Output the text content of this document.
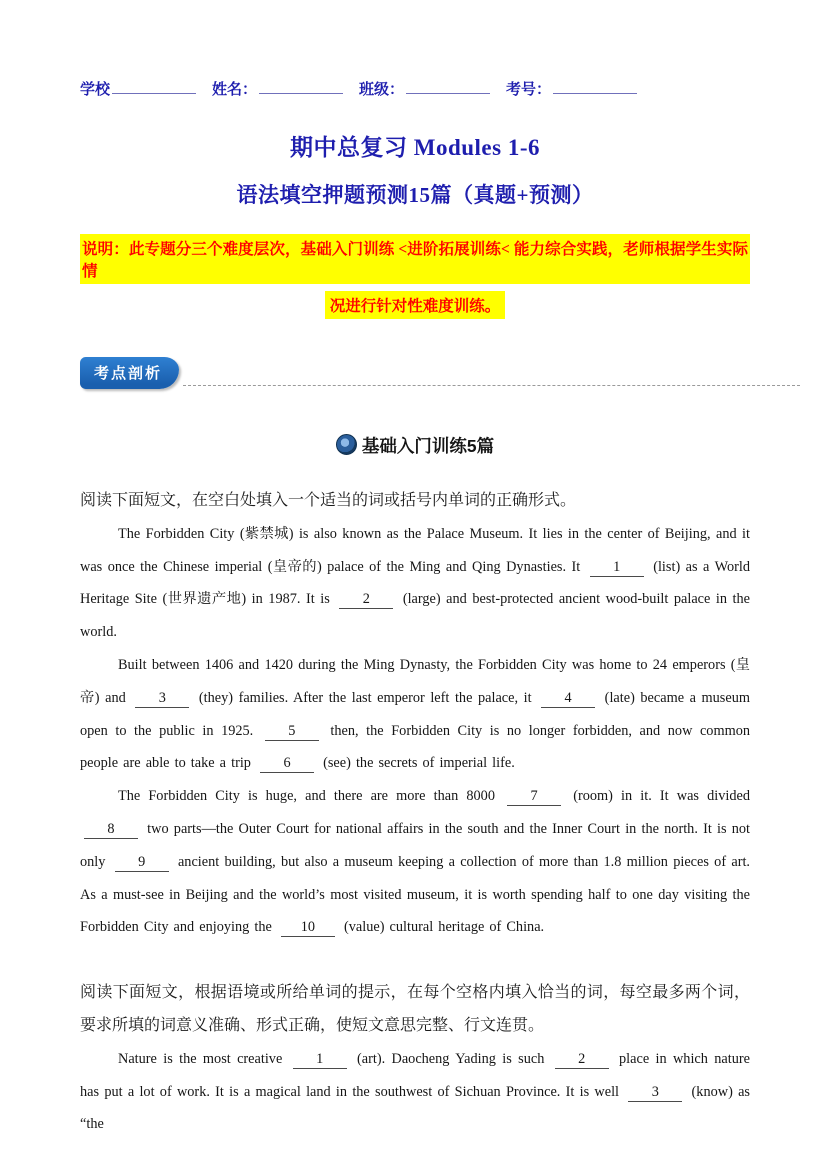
学校	姓名：	班级：	考号：
期中总复习 Modules 1-6
语法填空押题预测15篇（真题+预测）
说明：此专题分三个难度层次，基础入门训练 <进阶拓展训练< 能力综合实践，老师根据学生实际情
况进行针对性难度训练。
考点剖析
基础入门训练5篇

阅读下面短文，在空白处填入一个适当的词或括号内单词的正确形式。

The Forbidden City (紫禁城) is also known as the Palace Museum. It lies in the center of Beijing, and it was once the Chinese imperial (皇帝的) palace of the Ming and Qing Dynasties. It 1 (list) as a World Heritage Site (世界遗产地) in 1987. It is 2 (large) and best-protected ancient wood-built palace in the world.

Built between 1406 and 1420 during the Ming Dynasty, the Forbidden City was home to 24 emperors (皇帝) and 3 (they) families. After the last emperor left the palace, it 4 (late) became a museum open to the public in 1925. 5 then, the Forbidden City is no longer forbidden, and now common people are able to take a trip 6 (see) the secrets of imperial life.

The Forbidden City is huge, and there are more than 8000 7 (room) in it. It was divided 8 two parts—the Outer Court for national affairs in the south and the Inner Court in the north. It is not only 9 ancient building, but also a museum keeping a collection of more than 1.8 million pieces of art. As a must-see in Beijing and the world’s most visited museum, it is worth spending half to one day visiting the Forbidden City and enjoying the 10 (value) cultural heritage of China.

阅读下面短文，根据语境或所给单词的提示，在每个空格内填入恰当的词，每空最多两个词，要求所填的词意义准确、形式正确，使短文意思完整、行文连贯。

Nature is the most creative 1 (art). Daocheng Yading is such 2 place in which nature has put a lot of work. It is a magical land in the southwest of Sichuan Province. It is well 3 (know) as “the
